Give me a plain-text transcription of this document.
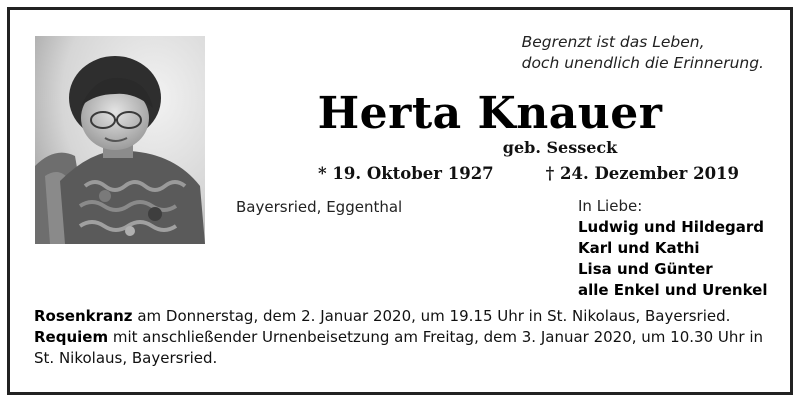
Begrenzt ist das Leben,
doch unendlich die Erinnerung.
Herta Knauer
geb. Sesseck
* 19. Oktober 1927	† 24. Dezember 2019
Bayersried, Eggenthal	In Liebe:
Ludwig und Hildegard
Karl und Kathi
Lisa und Günter
alle Enkel und Urenkel

Rosenkranz am Donnerstag, dem 2. Januar 2020, um 19.15 Uhr in St. Nikolaus, Bayersried.

Requiem mit anschließender Urnenbeisetzung am Freitag, dem 3. Januar 2020, um 10.30 Uhr in St. Nikolaus, Bayersried.
